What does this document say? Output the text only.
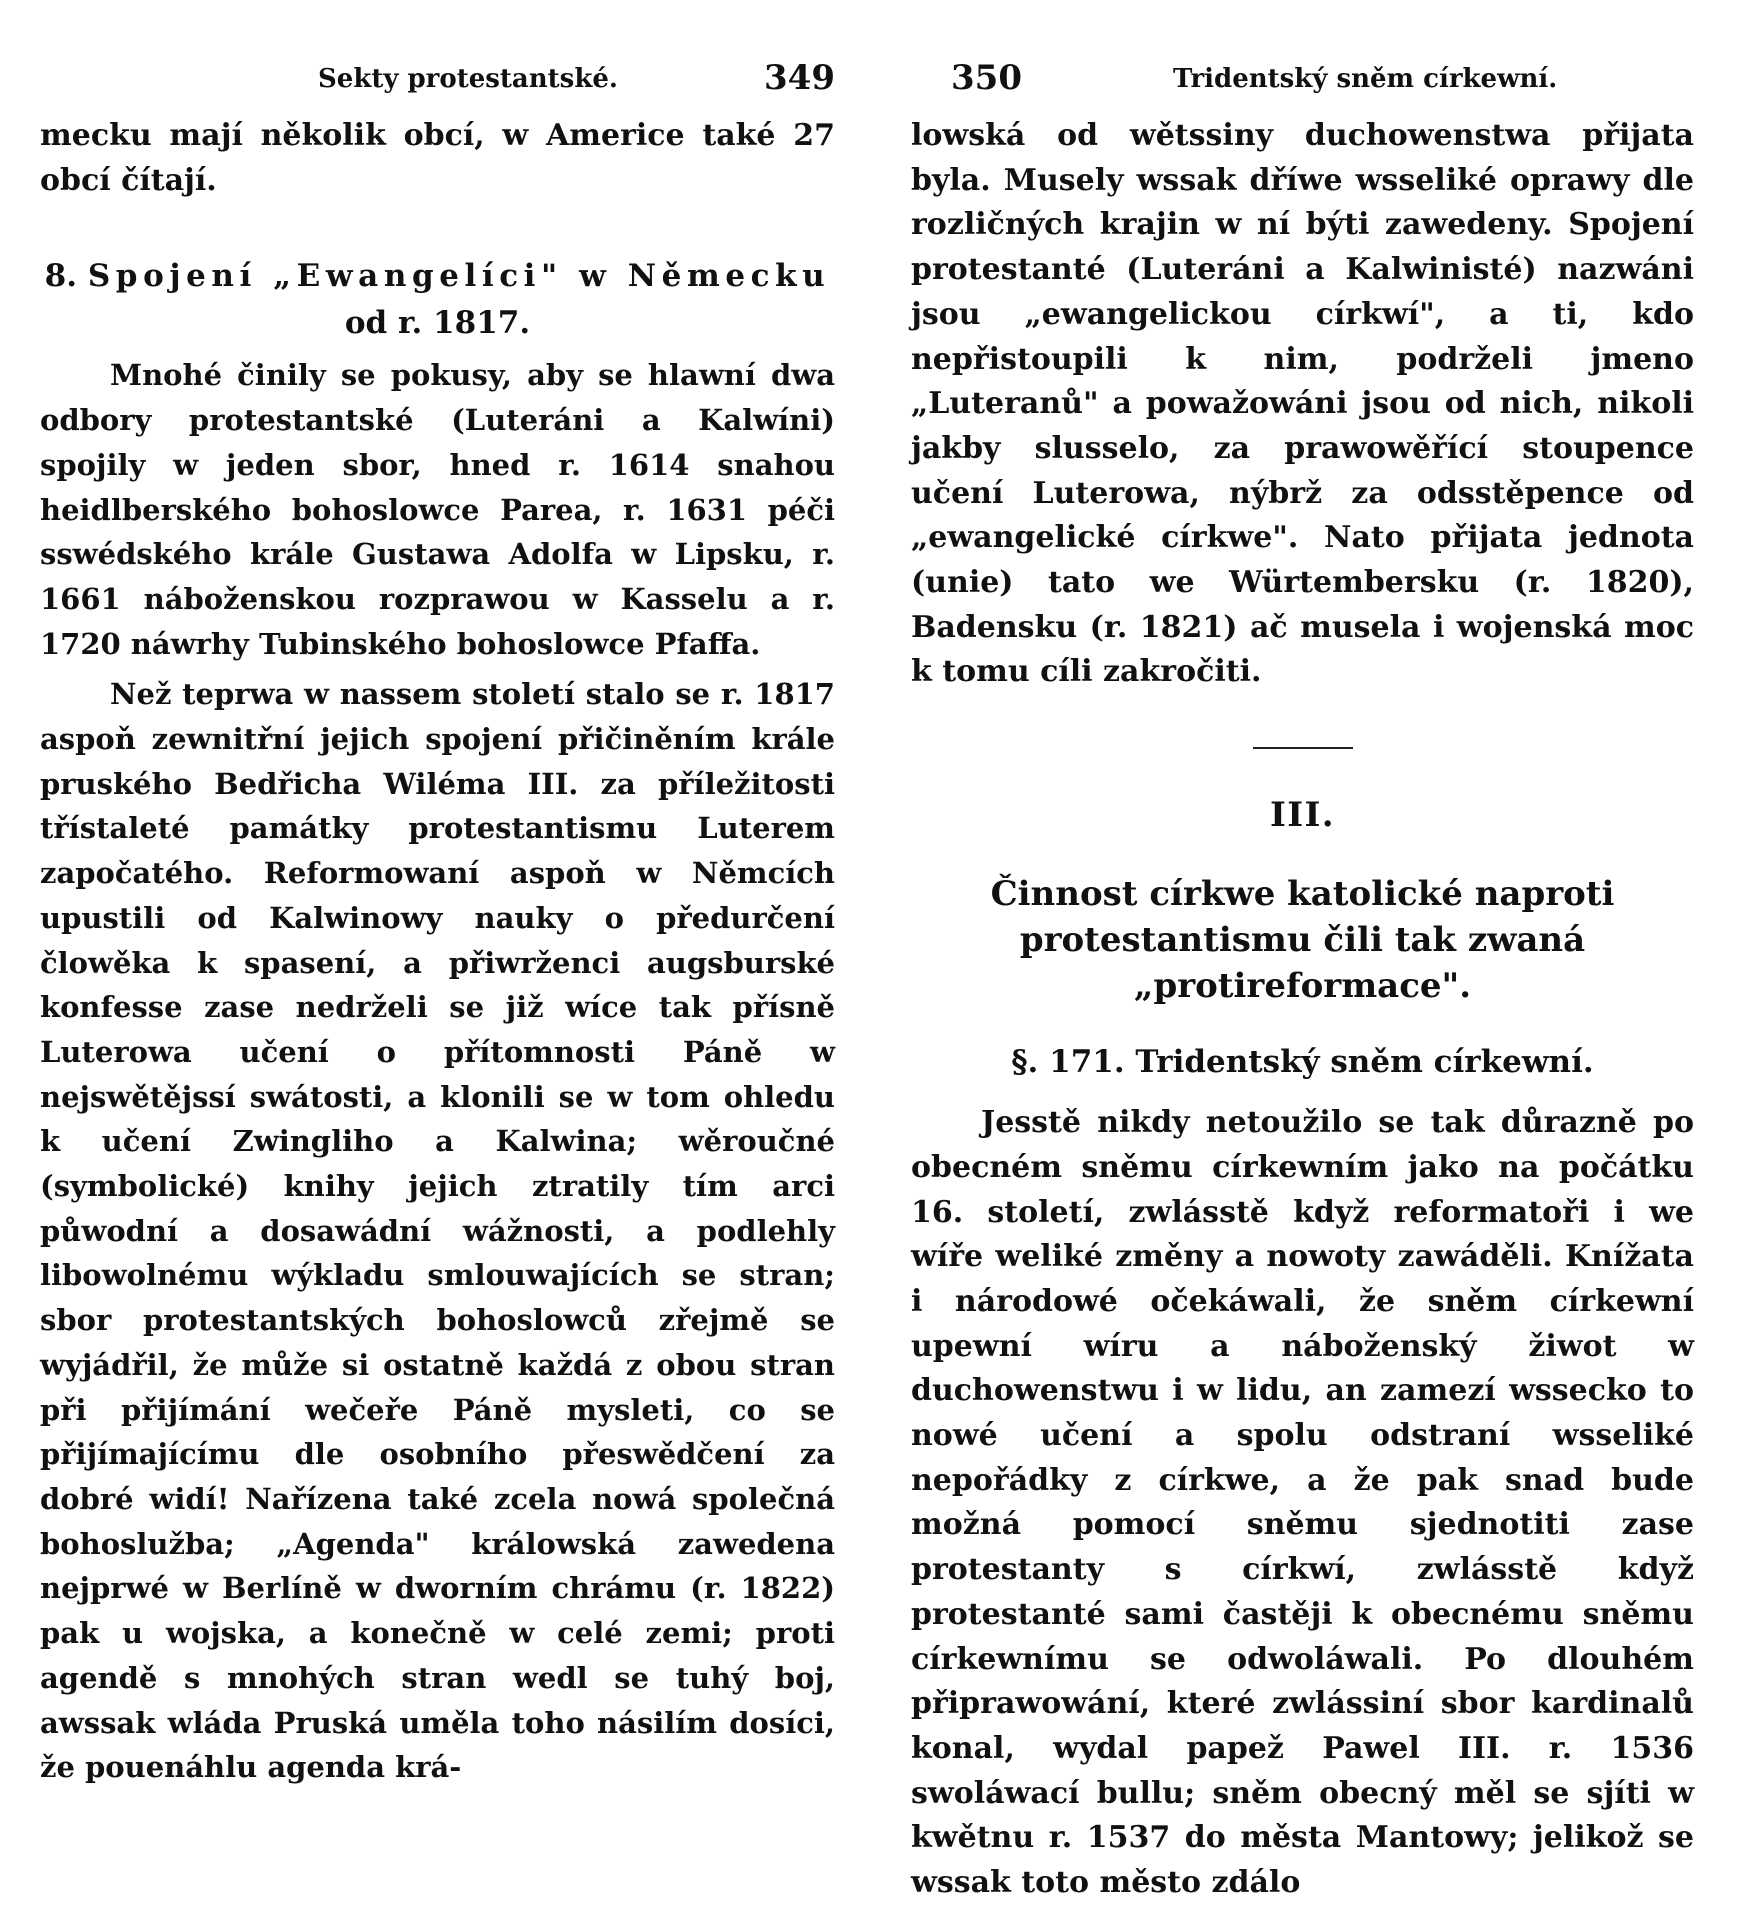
Sekty protestantské.	349

mecku mají několik obcí, w Americe také 27 obcí čítají.

8. Spojení „Ewangelíci" w Německu
od r. 1817.

Mnohé činily se pokusy, aby se hlawní dwa odbory protestantské (Luteráni a Kalwíni) spojily w jeden sbor, hned r. 1614 snahou heidlberského bohoslowce Parea, r. 1631 péči sswédského krále Gustawa Adolfa w Lipsku, r. 1661 náboženskou rozprawou w Kasselu a r. 1720 náwrhy Tubinského bohoslowce Pfaffa.

Než teprwa w nassem století stalo se r. 1817 aspoň zewnitřní jejich spojení přičiněním krále pruského Bedřicha Wiléma III. za příležitosti třístaleté památky protestantismu Luterem započatého. Reformowaní aspoň w Němcích upustili od Kalwinowy nauky o předurčení člowěka k spasení, a přiwrženci augsburské konfesse zase nedrželi se již wíce tak přísně Luterowa učení o přítomnosti Páně w nejswětějssí swátosti, a klonili se w tom ohledu k učení Zwingliho a Kalwina; wěroučné (symbolické) knihy jejich ztratily tím arci půwodní a dosawádní wážnosti, a podlehly libowolnému wýkladu smlouwajících se stran; sbor protestantských bohoslowců zřejmě se wyjádřil, že může si ostatně každá z obou stran při přijímání wečeře Páně mysleti, co se přijímajícímu dle osobního přeswědčení za dobré widí! Nařízena také zcela nowá společná bohoslužba; „Agenda" králowská zawedena nejprwé w Berlíně w dworním chrámu (r. 1822) pak u wojska, a konečně w celé zemi; proti agendě s mnohých stran wedl se tuhý boj, awssak wláda Pruská uměla toho násilím dosíci, že pouenáhlu agenda krá-

350	Tridentský sněm církewní.

lowská od wětssiny duchowenstwa přijata byla. Musely wssak dříwe wsseliké oprawy dle rozličných krajin w ní býti zawedeny. Spojení protestanté (Luteráni a Kalwinisté) nazwáni jsou „ewangelickou církwí", a ti, kdo nepřistoupili k nim, podrželi jmeno „Luteranů" a powažowáni jsou od nich, nikoli jakby slusselo, za prawowěřící stoupence učení Luterowa, nýbrž za odsstěpence od „ewangelické církwe". Nato přijata jednota (unie) tato we Würtembersku (r. 1820), Badensku (r. 1821) ač musela i wojenská moc k tomu cíli zakročiti.

III.
Činnost církwe katolické naproti protestantismu čili tak zwaná „protireformace".
§. 171. Tridentský sněm církewní.

Jesstě nikdy netoužilo se tak důrazně po obecném sněmu církewním jako na počátku 16. století, zwlásstě když reformatoři i we wíře weliké změny a nowoty zawáděli. Knížata i národowé očekáwali, že sněm církewní upewní wíru a náboženský žiwot w duchowenstwu i w lidu, an zamezí wssecko to nowé učení a spolu odstraní wsseliké nepořádky z církwe, a že pak snad bude možná pomocí sněmu sjednotiti zase protestanty s církwí, zwlásstě když protestanté sami častěji k obecnému sněmu církewnímu se odwoláwali. Po dlouhém připrawowání, které zwlássiní sbor kardinalů konal, wydal papež Pawel III. r. 1536 swoláwací bullu; sněm obecný měl se sjíti w kwětnu r. 1537 do města Mantowy; jelikož se wssak toto město zdálo
